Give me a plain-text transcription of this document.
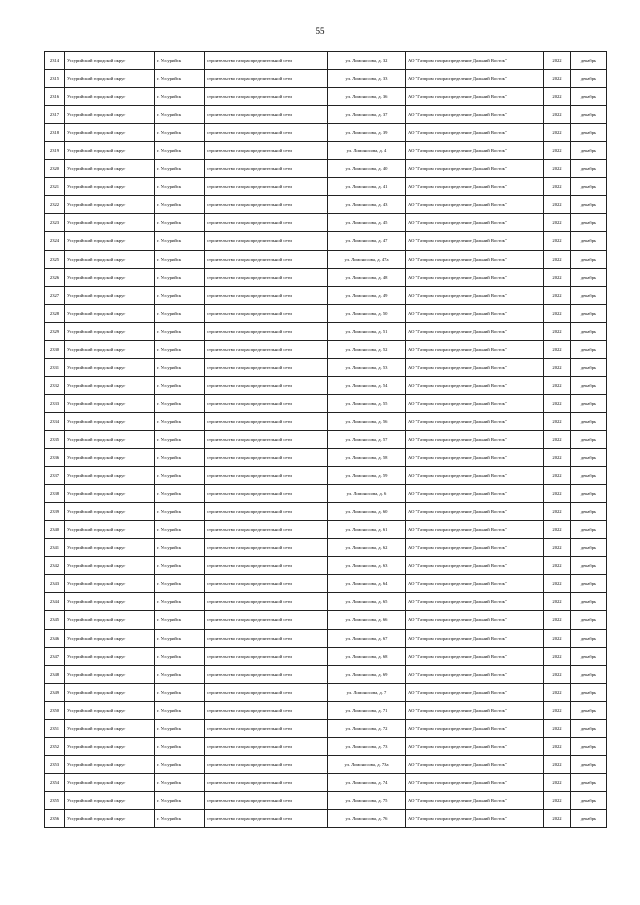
55
2314	Уссурийский городской округ	г. Уссурийск	строительство газораспределительной сети	ул. Ломоносова, д. 32	АО "Газпром газораспределение Дальний Восток"	2022	декабрь
2315	Уссурийский городской округ	г. Уссурийск	строительство газораспределительной сети	ул. Ломоносова, д. 33	АО "Газпром газораспределение Дальний Восток"	2022	декабрь
2316	Уссурийский городской округ	г. Уссурийск	строительство газораспределительной сети	ул. Ломоносова, д. 36	АО "Газпром газораспределение Дальний Восток"	2022	декабрь
2317	Уссурийский городской округ	г. Уссурийск	строительство газораспределительной сети	ул. Ломоносова, д. 37	АО "Газпром газораспределение Дальний Восток"	2022	декабрь
2318	Уссурийский городской округ	г. Уссурийск	строительство газораспределительной сети	ул. Ломоносова, д. 39	АО "Газпром газораспределение Дальний Восток"	2022	декабрь
2319	Уссурийский городской округ	г. Уссурийск	строительство газораспределительной сети	ул. Ломоносова, д. 4	АО "Газпром газораспределение Дальний Восток"	2022	декабрь
2320	Уссурийский городской округ	г. Уссурийск	строительство газораспределительной сети	ул. Ломоносова, д. 40	АО "Газпром газораспределение Дальний Восток"	2022	декабрь
2321	Уссурийский городской округ	г. Уссурийск	строительство газораспределительной сети	ул. Ломоносова, д. 41	АО "Газпром газораспределение Дальний Восток"	2022	декабрь
2322	Уссурийский городской округ	г. Уссурийск	строительство газораспределительной сети	ул. Ломоносова, д. 43	АО "Газпром газораспределение Дальний Восток"	2022	декабрь
2323	Уссурийский городской округ	г. Уссурийск	строительство газораспределительной сети	ул. Ломоносова, д. 45	АО "Газпром газораспределение Дальний Восток"	2022	декабрь
2324	Уссурийский городской округ	г. Уссурийск	строительство газораспределительной сети	ул. Ломоносова, д. 47	АО "Газпром газораспределение Дальний Восток"	2022	декабрь
2325	Уссурийский городской округ	г. Уссурийск	строительство газораспределительной сети	ул. Ломоносова, д. 47а	АО "Газпром газораспределение Дальний Восток"	2022	декабрь
2326	Уссурийский городской округ	г. Уссурийск	строительство газораспределительной сети	ул. Ломоносова, д. 48	АО "Газпром газораспределение Дальний Восток"	2022	декабрь
2327	Уссурийский городской округ	г. Уссурийск	строительство газораспределительной сети	ул. Ломоносова, д. 49	АО "Газпром газораспределение Дальний Восток"	2022	декабрь
2328	Уссурийский городской округ	г. Уссурийск	строительство газораспределительной сети	ул. Ломоносова, д. 50	АО "Газпром газораспределение Дальний Восток"	2022	декабрь
2329	Уссурийский городской округ	г. Уссурийск	строительство газораспределительной сети	ул. Ломоносова, д. 51	АО "Газпром газораспределение Дальний Восток"	2022	декабрь
2330	Уссурийский городской округ	г. Уссурийск	строительство газораспределительной сети	ул. Ломоносова, д. 52	АО "Газпром газораспределение Дальний Восток"	2022	декабрь
2331	Уссурийский городской округ	г. Уссурийск	строительство газораспределительной сети	ул. Ломоносова, д. 53	АО "Газпром газораспределение Дальний Восток"	2022	декабрь
2332	Уссурийский городской округ	г. Уссурийск	строительство газораспределительной сети	ул. Ломоносова, д. 54	АО "Газпром газораспределение Дальний Восток"	2022	декабрь
2333	Уссурийский городской округ	г. Уссурийск	строительство газораспределительной сети	ул. Ломоносова, д. 55	АО "Газпром газораспределение Дальний Восток"	2022	декабрь
2334	Уссурийский городской округ	г. Уссурийск	строительство газораспределительной сети	ул. Ломоносова, д. 56	АО "Газпром газораспределение Дальний Восток"	2022	декабрь
2335	Уссурийский городской округ	г. Уссурийск	строительство газораспределительной сети	ул. Ломоносова, д. 57	АО "Газпром газораспределение Дальний Восток"	2022	декабрь
2336	Уссурийский городской округ	г. Уссурийск	строительство газораспределительной сети	ул. Ломоносова, д. 58	АО "Газпром газораспределение Дальний Восток"	2022	декабрь
2337	Уссурийский городской округ	г. Уссурийск	строительство газораспределительной сети	ул. Ломоносова, д. 59	АО "Газпром газораспределение Дальний Восток"	2022	декабрь
2338	Уссурийский городской округ	г. Уссурийск	строительство газораспределительной сети	ул. Ломоносова, д. 6	АО "Газпром газораспределение Дальний Восток"	2022	декабрь
2339	Уссурийский городской округ	г. Уссурийск	строительство газораспределительной сети	ул. Ломоносова, д. 60	АО "Газпром газораспределение Дальний Восток"	2022	декабрь
2340	Уссурийский городской округ	г. Уссурийск	строительство газораспределительной сети	ул. Ломоносова, д. 61	АО "Газпром газораспределение Дальний Восток"	2022	декабрь
2341	Уссурийский городской округ	г. Уссурийск	строительство газораспределительной сети	ул. Ломоносова, д. 62	АО "Газпром газораспределение Дальний Восток"	2022	декабрь
2342	Уссурийский городской округ	г. Уссурийск	строительство газораспределительной сети	ул. Ломоносова, д. 63	АО "Газпром газораспределение Дальний Восток"	2022	декабрь
2343	Уссурийский городской округ	г. Уссурийск	строительство газораспределительной сети	ул. Ломоносова, д. 64	АО "Газпром газораспределение Дальний Восток"	2022	декабрь
2344	Уссурийский городской округ	г. Уссурийск	строительство газораспределительной сети	ул. Ломоносова, д. 65	АО "Газпром газораспределение Дальний Восток"	2022	декабрь
2345	Уссурийский городской округ	г. Уссурийск	строительство газораспределительной сети	ул. Ломоносова, д. 66	АО "Газпром газораспределение Дальний Восток"	2022	декабрь
2346	Уссурийский городской округ	г. Уссурийск	строительство газораспределительной сети	ул. Ломоносова, д. 67	АО "Газпром газораспределение Дальний Восток"	2022	декабрь
2347	Уссурийский городской округ	г. Уссурийск	строительство газораспределительной сети	ул. Ломоносова, д. 68	АО "Газпром газораспределение Дальний Восток"	2022	декабрь
2348	Уссурийский городской округ	г. Уссурийск	строительство газораспределительной сети	ул. Ломоносова, д. 69	АО "Газпром газораспределение Дальний Восток"	2022	декабрь
2349	Уссурийский городской округ	г. Уссурийск	строительство газораспределительной сети	ул. Ломоносова, д. 7	АО "Газпром газораспределение Дальний Восток"	2022	декабрь
2350	Уссурийский городской округ	г. Уссурийск	строительство газораспределительной сети	ул. Ломоносова, д. 71	АО "Газпром газораспределение Дальний Восток"	2022	декабрь
2351	Уссурийский городской округ	г. Уссурийск	строительство газораспределительной сети	ул. Ломоносова, д. 72	АО "Газпром газораспределение Дальний Восток"	2022	декабрь
2352	Уссурийский городской округ	г. Уссурийск	строительство газораспределительной сети	ул. Ломоносова, д. 73	АО "Газпром газораспределение Дальний Восток"	2022	декабрь
2353	Уссурийский городской округ	г. Уссурийск	строительство газораспределительной сети	ул. Ломоносова, д. 73а	АО "Газпром газораспределение Дальний Восток"	2022	декабрь
2354	Уссурийский городской округ	г. Уссурийск	строительство газораспределительной сети	ул. Ломоносова, д. 74	АО "Газпром газораспределение Дальний Восток"	2022	декабрь
2355	Уссурийский городской округ	г. Уссурийск	строительство газораспределительной сети	ул. Ломоносова, д. 75	АО "Газпром газораспределение Дальний Восток"	2022	декабрь
2356	Уссурийский городской округ	г. Уссурийск	строительство газораспределительной сети	ул. Ломоносова, д. 76	АО "Газпром газораспределение Дальний Восток"	2022	декабрь
